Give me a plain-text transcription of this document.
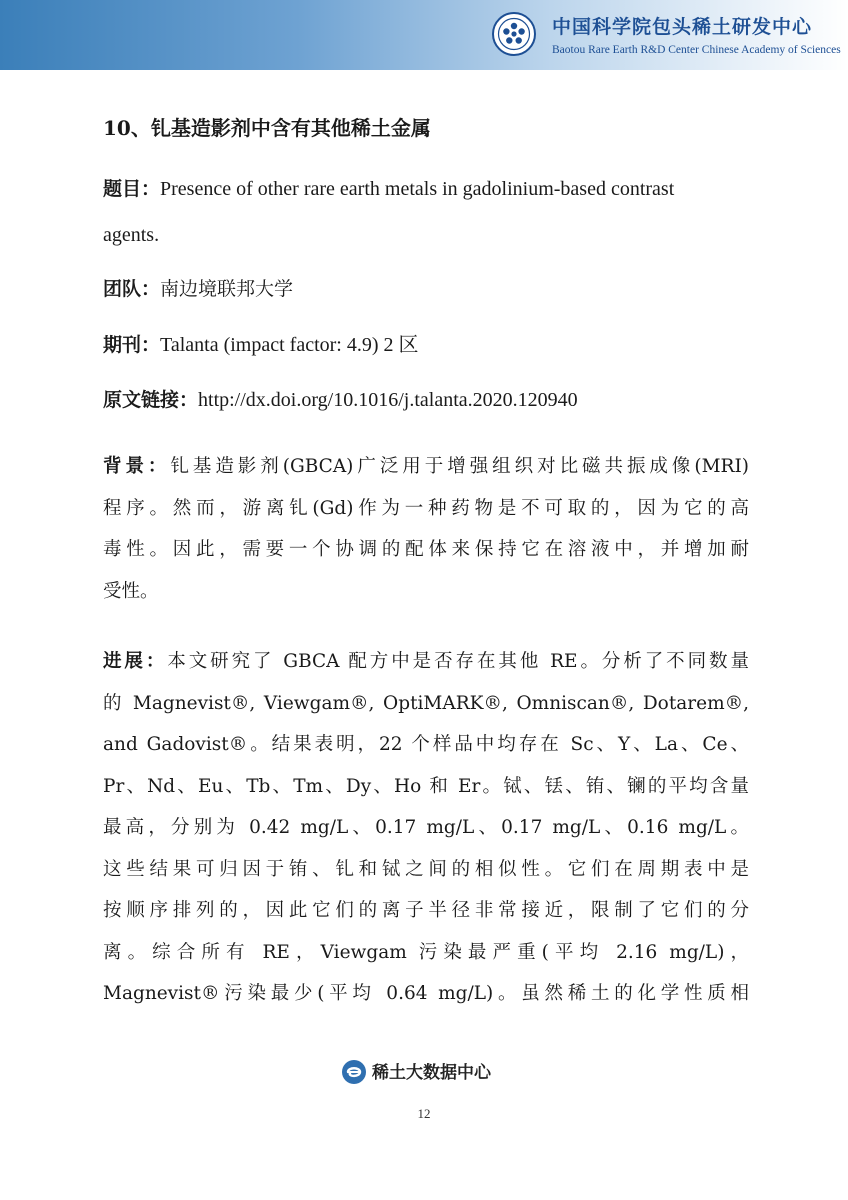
中国科学院包头稀土研发中心
Baotou Rare Earth R&D Center Chinese Academy of Sciences
10、钆基造影剂中含有其他稀土金属
题目：Presence of other rare earth metals in gadolinium-based contrast
agents.
团队：南边境联邦大学
期刊：Talanta (impact factor: 4.9) 2 区
原文链接：http://dx.doi.org/10.1016/j.talanta.2020.120940
背景：钆基造影剂(GBCA)广泛用于增强组织对比磁共振成像(MRI)
程序。然而，游离钆(Gd)作为一种药物是不可取的，因为它的高
毒性。因此，需要一个协调的配体来保持它在溶液中，并增加耐
受性。
进展：本文研究了 GBCA 配方中是否存在其他 RE。分析了不同数量
的 Magnevist®, Viewgam®, OptiMARK®, Omniscan®, Dotarem®,
and Gadovist®。结果表明，22 个样品中均存在 Sc、Y、La、Ce、
Pr、Nd、Eu、Tb、Tm、Dy、Ho 和 Er。铽、铥、铕、镧的平均含量
最高，分别为 0.42 mg/L、0.17 mg/L、0.17 mg/L、0.16 mg/L。
这些结果可归因于铕、钆和铽之间的相似性。它们在周期表中是
按顺序排列的，因此它们的离子半径非常接近，限制了它们的分
离。综合所有 RE，Viewgam 污染最严重(平均 2.16 mg/L)，
Magnevist®污染最少(平均 0.64 mg/L)。虽然稀土的化学性质相
稀土大数据中心
12
